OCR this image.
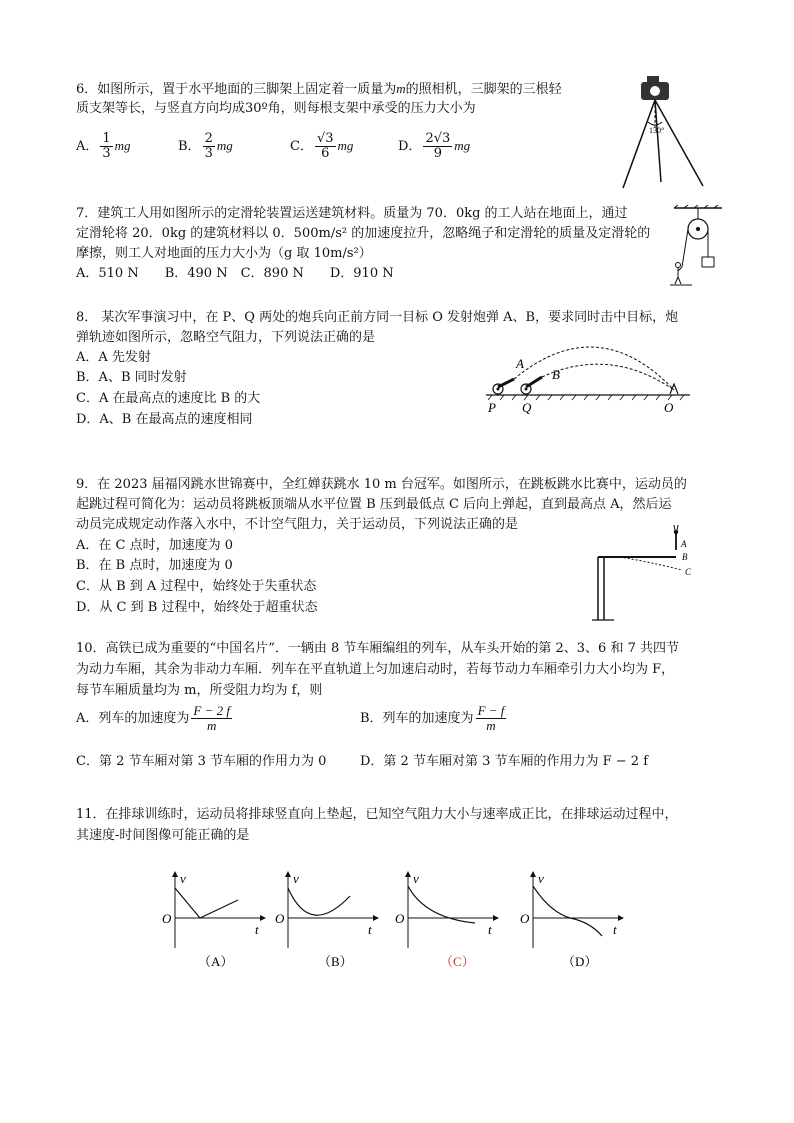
6．如图所示，置于水平地面的三脚架上固定着一质量为m的照相机，三脚架的三根轻
质支架等长，与竖直方向均成30º角，则每根支架中承受的压力大小为
A． $\frac{1}{3}$ mg	B． $\frac{2}{3}$ mg	C． $\frac{√3}{6}$ mg	D． $\frac{2√3}{9}$ mg
130°
7．建筑工人用如图所示的定滑轮装置运送建筑材料。质量为 70．0kg 的工人站在地面上，通过
定滑轮将 20．0kg 的建筑材料以 0．500m/s² 的加速度拉升，忽略绳子和定滑轮的质量及定滑轮的
摩擦，则工人对地面的压力大小为（g 取 10m/s²）
A．510 N　　B．490 N　C．890 N　　D．910 N
8． 某次军事演习中，在 P、Q 两处的炮兵向正前方同一目标 O 发射炮弹 A、B，要求同时击中目标，炮
弹轨迹如图所示，忽略空气阻力，下列说法正确的是
A．A 先发射
B．A、B 同时发射
C．A 在最高点的速度比 B 的大
D．A、B 在最高点的速度相同
A
B
P Q	O
9．在 2023 届福冈跳水世锦赛中，全红婵获跳水 10 m 台冠军。如图所示，在跳板跳水比赛中，运动员的
起跳过程可简化为：运动员将跳板顶端从水平位置 B 压到最低点 C 后向上弹起，直到最高点 A，然后运
动员完成规定动作落入水中，不计空气阻力，关于运动员，下列说法正确的是
A．在 C 点时，加速度为 0
B．在 B 点时，加速度为 0
C．从 B 到 A 过程中，始终处于失重状态
D．从 C 到 B 过程中，始终处于超重状态
A
B
C
10．高铁已成为重要的“中国名片”．一辆由 8 节车厢编组的列车，从车头开始的第 2、3、6 和 7 共四节
为动力车厢，其余为非动力车厢．列车在平直轨道上匀加速启动时，若每节动力车厢牵引力大小均为 F，
每节车厢质量均为 m，所受阻力均为 f，则
A．列车的加速度为 $\frac{F - 2 f}{m}$	B．列车的加速度为 $\frac{F - f}{m}$
C．第 2 节车厢对第 3 节车厢的作用力为 0	D．第 2 节车厢对第 3 节车厢的作用力为 F − 2 f
11．在排球训练时，运动员将排球竖直向上垫起，已知空气阻力大小与速率成正比，在排球运动过程中，
其速度-时间图像可能正确的是
v
O
t
（A）
v
O
t
（B）
v
O
t
（C）
v
O
t
（D）
